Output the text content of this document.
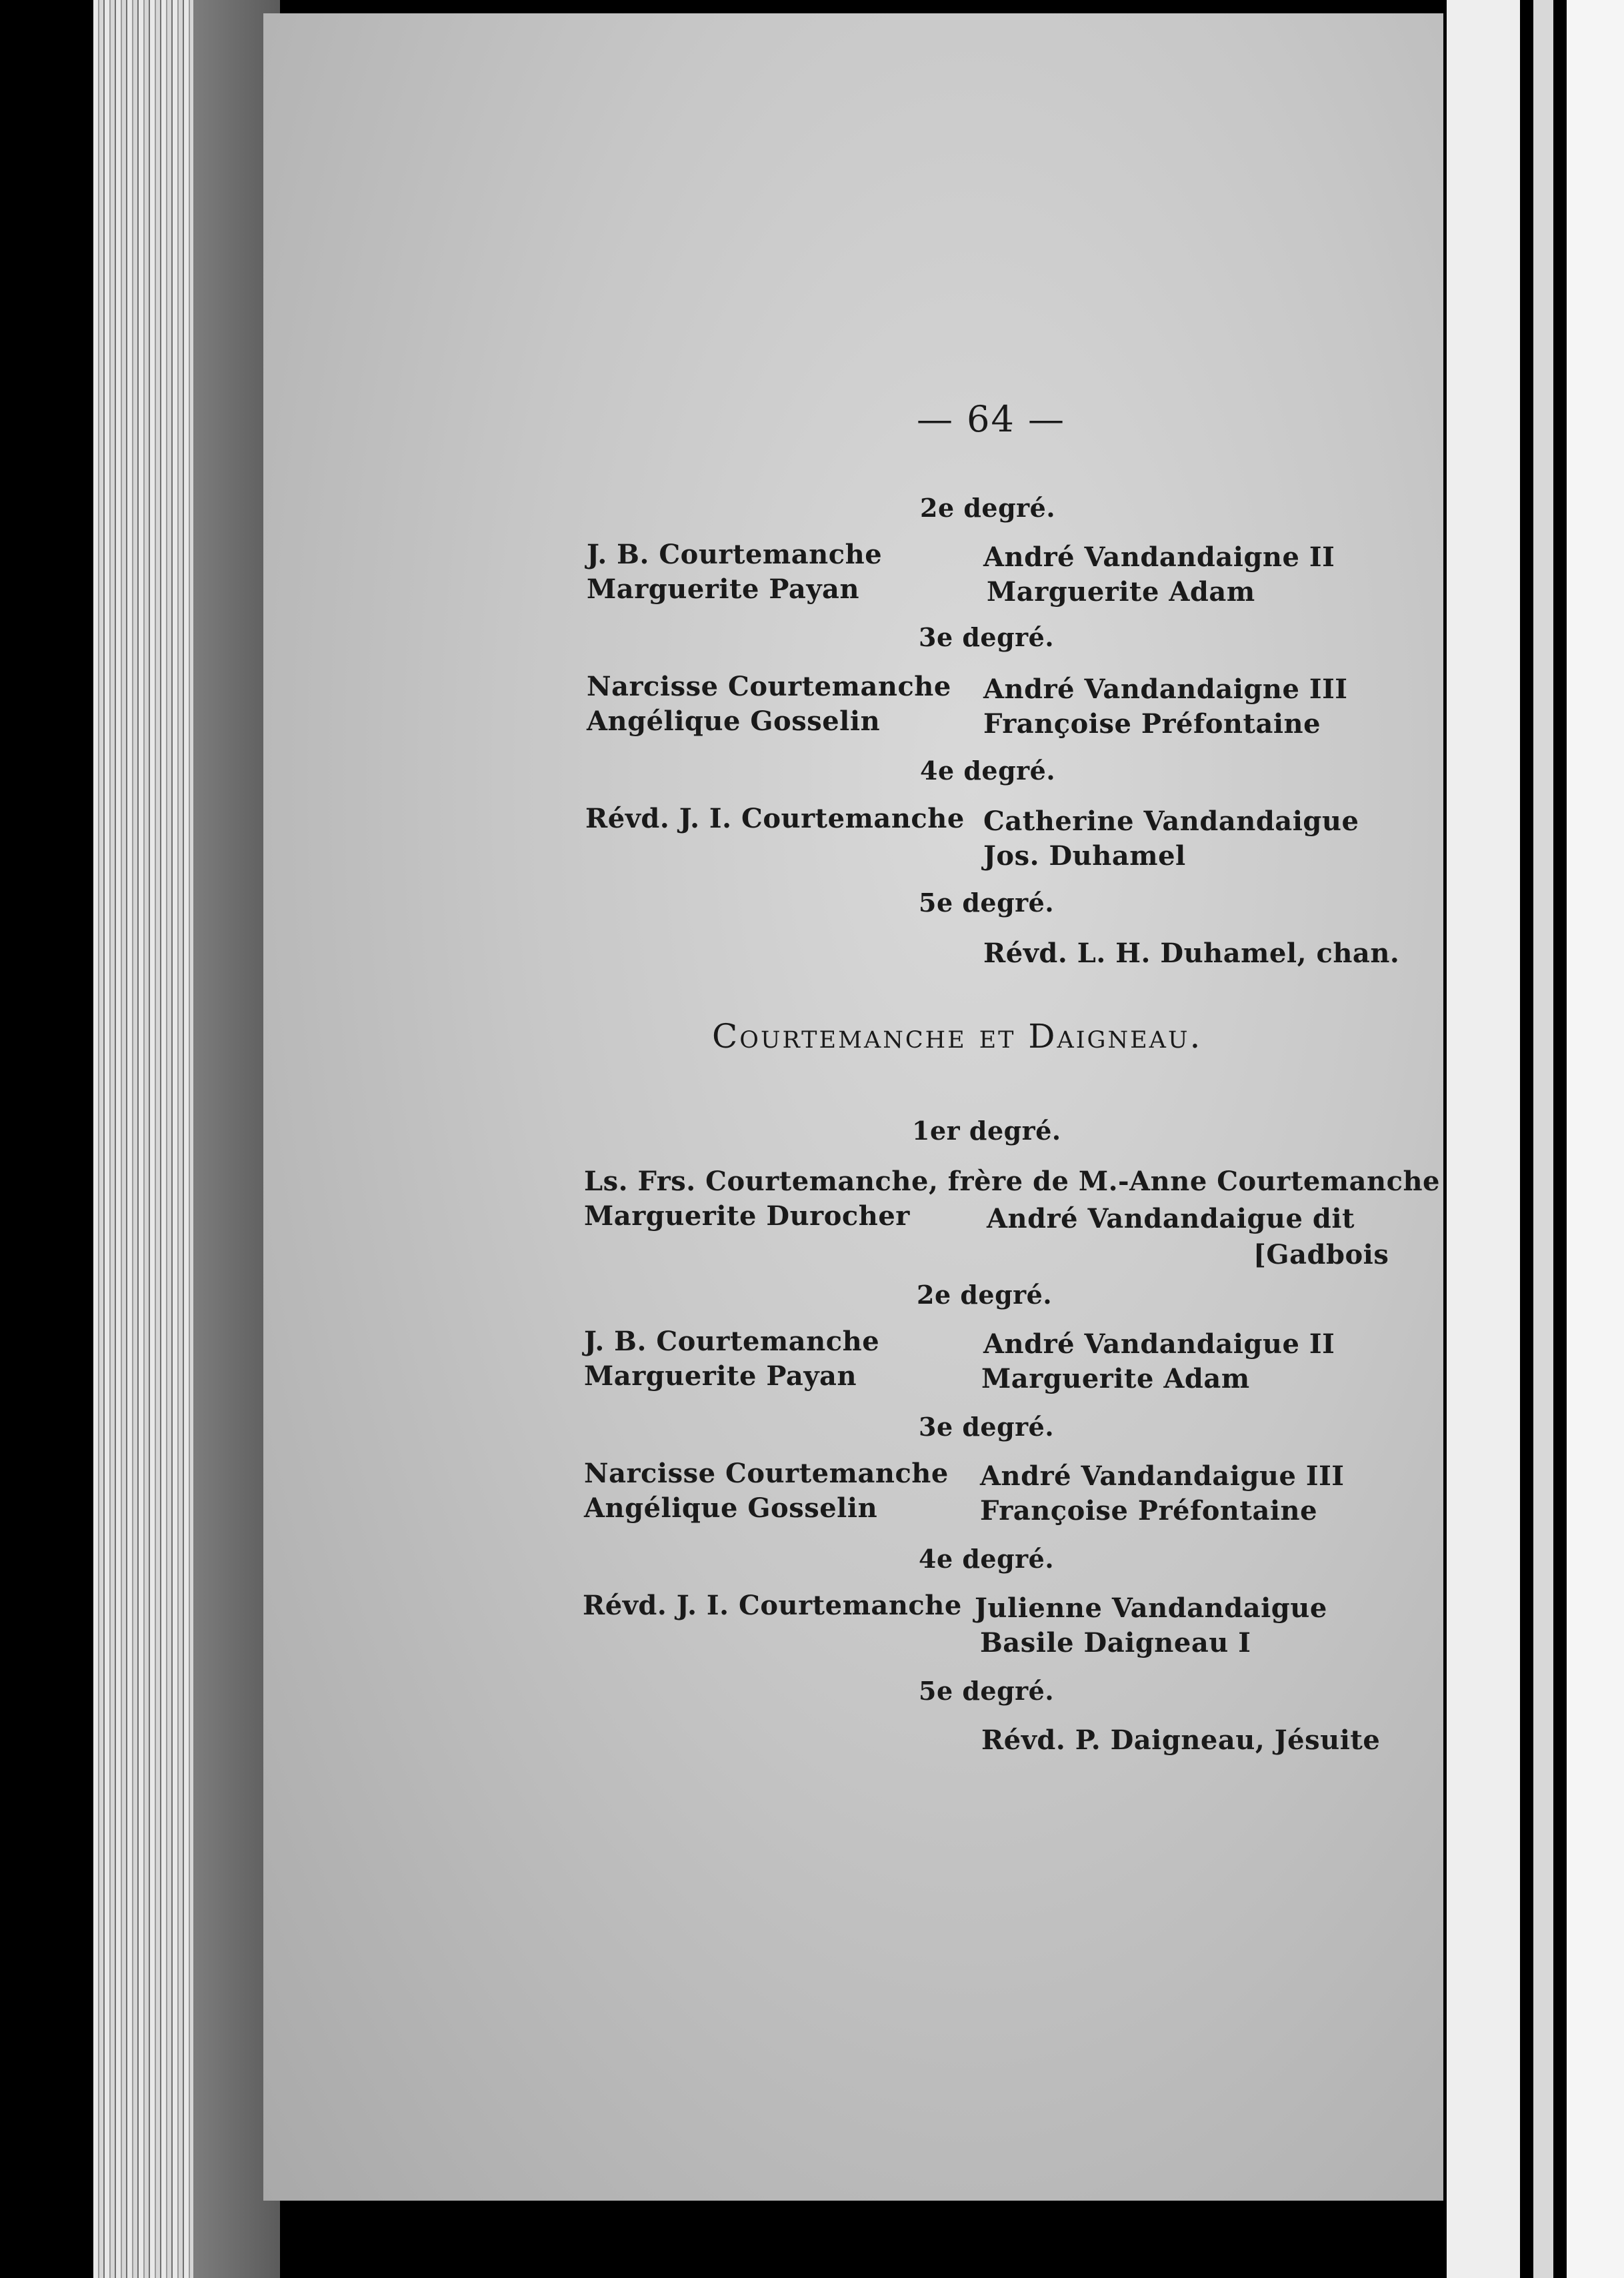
— 64 —
2e degré.
J. B. Courtemanche
Marguerite Payan
André Vandandaigne II
Marguerite Adam
3e degré.
Narcisse Courtemanche
Angélique Gosselin
André Vandandaigne III
Françoise Préfontaine
4e degré.
Révd. J. I. Courtemanche Catherine Vandandaigue
Jos. Duhamel
5e degré.
Révd. L. H. Duhamel, chan.
Courtemanche et Daigneau.
1er degré.
Ls. Frs. Courtemanche, frère de M.-Anne Courtemanche
Marguerite Durocher	André Vandandaigue dit
[Gadbois
2e degré.
J. B. Courtemanche
Marguerite Payan
André Vandandaigue II
Marguerite Adam
3e degré.
Narcisse Courtemanche
Angélique Gosselin
André Vandandaigue III
Françoise Préfontaine
4e degré.
Révd. J. I. Courtemanche Julienne Vandandaigue
Basile Daigneau I
5e degré.
Révd. P. Daigneau, Jésuite
